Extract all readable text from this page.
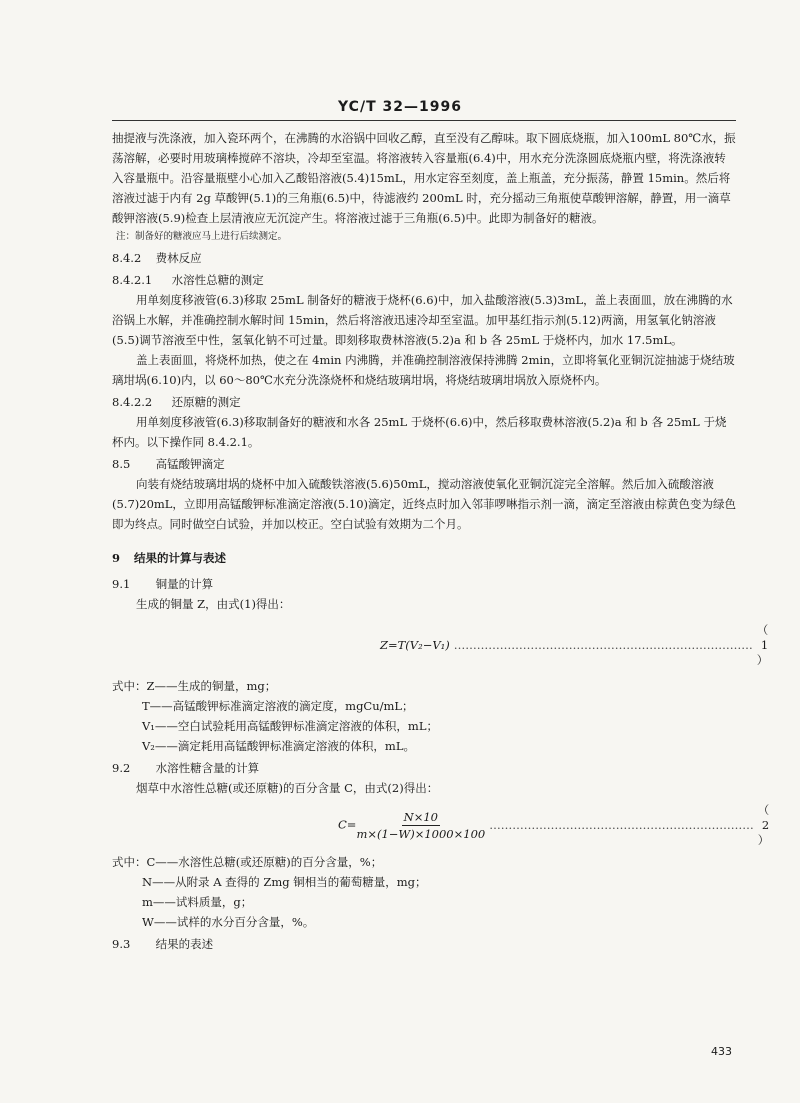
YC/T 32—1996

抽提液与洗涤液，加入瓷环两个，在沸腾的水浴锅中回收乙醇，直至没有乙醇味。取下圆底烧瓶，加入100mL 80℃水，振荡溶解，必要时用玻璃棒搅碎不溶块，冷却至室温。将溶液转入容量瓶(6.4)中，用水充分洗涤圆底烧瓶内壁，将洗涤液转入容量瓶中。沿容量瓶壁小心加入乙酸铅溶液(5.4)15mL，用水定容至刻度，盖上瓶盖，充分振荡，静置 15min。然后将溶液过滤于内有 2g 草酸钾(5.1)的三角瓶(6.5)中，待滤液约 200mL 时，充分摇动三角瓶使草酸钾溶解，静置，用一滴草酸钾溶液(5.9)检查上层清液应无沉淀产生。将溶液过滤于三角瓶(6.5)中。此即为制备好的糖液。

注：制备好的糖液应马上进行后续测定。

8.4.2 费林反应

8.4.2.1 水溶性总糖的测定

用单刻度移液管(6.3)移取 25mL 制备好的糖液于烧杯(6.6)中，加入盐酸溶液(5.3)3mL，盖上表面皿，放在沸腾的水浴锅上水解，并准确控制水解时间 15min，然后将溶液迅速冷却至室温。加甲基红指示剂(5.12)两滴，用氢氧化钠溶液(5.5)调节溶液至中性，氢氧化钠不可过量。即刻移取费林溶液(5.2)a 和 b 各 25mL 于烧杯内，加水 17.5mL。

盖上表面皿，将烧杯加热，使之在 4min 内沸腾，并准确控制溶液保持沸腾 2min，立即将氧化亚铜沉淀抽滤于烧结玻璃坩埚(6.10)内，以 60～80℃水充分洗涤烧杯和烧结玻璃坩埚，将烧结玻璃坩埚放入原烧杯内。

8.4.2.2 还原糖的测定

用单刻度移液管(6.3)移取制备好的糖液和水各 25mL 于烧杯(6.6)中，然后移取费林溶液(5.2)a 和 b 各 25mL 于烧杯内。以下操作同 8.4.2.1。

8.5 高锰酸钾滴定

向装有烧结玻璃坩埚的烧杯中加入硫酸铁溶液(5.6)50mL，搅动溶液使氧化亚铜沉淀完全溶解。然后加入硫酸溶液(5.7)20mL，立即用高锰酸钾标准滴定溶液(5.10)滴定，近终点时加入邻菲啰啉指示剂一滴，滴定至溶液由棕黄色变为绿色即为终点。同时做空白试验，并加以校正。空白试验有效期为二个月。

9 结果的计算与表述

9.1 铜量的计算

生成的铜量 Z，由式(1)得出：

Z=T(V₂−V₁) ……………………………………………………………………
（ 1 ）

式中：Z——生成的铜量，mg；

T——高锰酸钾标准滴定溶液的滴定度，mgCu/mL；

V₁——空白试验耗用高锰酸钾标准滴定溶液的体积，mL；

V₂——滴定耗用高锰酸钾标准滴定溶液的体积，mL。

9.2 水溶性糖含量的计算

烟草中水溶性总糖(或还原糖)的百分含量 C，由式(2)得出：

$C= \frac{N\times 10}{m\times(1-W)\times 1000\times 100}$ ……………………………………………………………
（ 2 ）

式中：C——水溶性总糖(或还原糖)的百分含量，%；

N——从附录 A 查得的 Zmg 铜相当的葡萄糖量，mg；

m——试料质量，g；

W——试样的水分百分含量，%。

9.3 结果的表述

433
